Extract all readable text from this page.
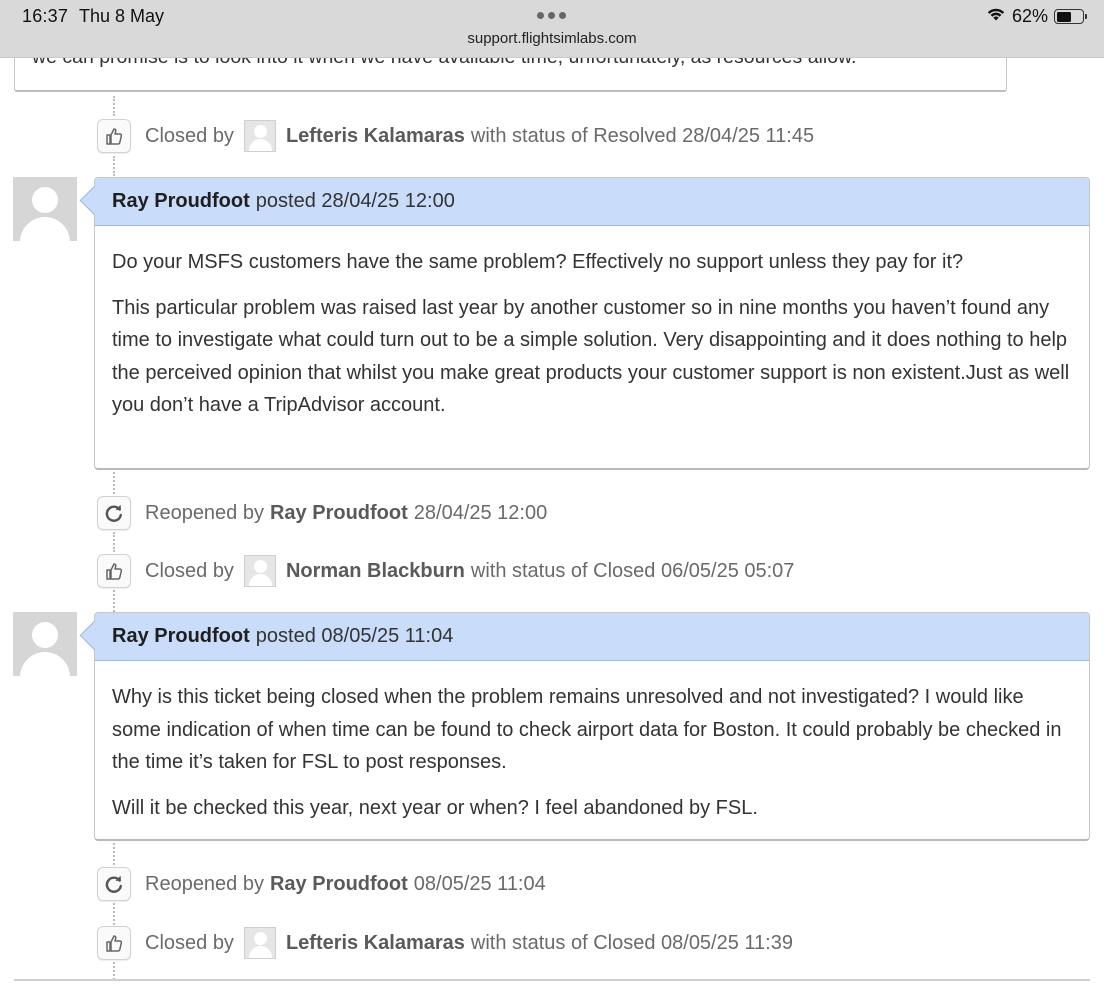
16:37 Thu 8 May
support.flightsimlabs.com
62%
Closed by	Lefteris Kalamaras with status of Resolved 28/04/25 11:45
Ray Proudfoot posted 28/04/25 12:00

Do your MSFS customers have the same problem? Effectively no support unless they pay for it?

This particular problem was raised last year by another customer so in nine months you haven’t found any time to investigate what could turn out to be a simple solution. Very disappointing and it does nothing to help the perceived opinion that whilst you make great products your customer support is non existent.Just as well you don’t have a TripAdvisor account.

Reopened by Ray Proudfoot 28/04/25 12:00
Closed by	Norman Blackburn with status of Closed 06/05/25 05:07
Ray Proudfoot posted 08/05/25 11:04

Why is this ticket being closed when the problem remains unresolved and not investigated? I would like some indication of when time can be found to check airport data for Boston. It could probably be checked in the time it’s taken for FSL to post responses.

Will it be checked this year, next year or when? I feel abandoned by FSL.

Reopened by Ray Proudfoot 08/05/25 11:04
Closed by	Lefteris Kalamaras with status of Closed 08/05/25 11:39
